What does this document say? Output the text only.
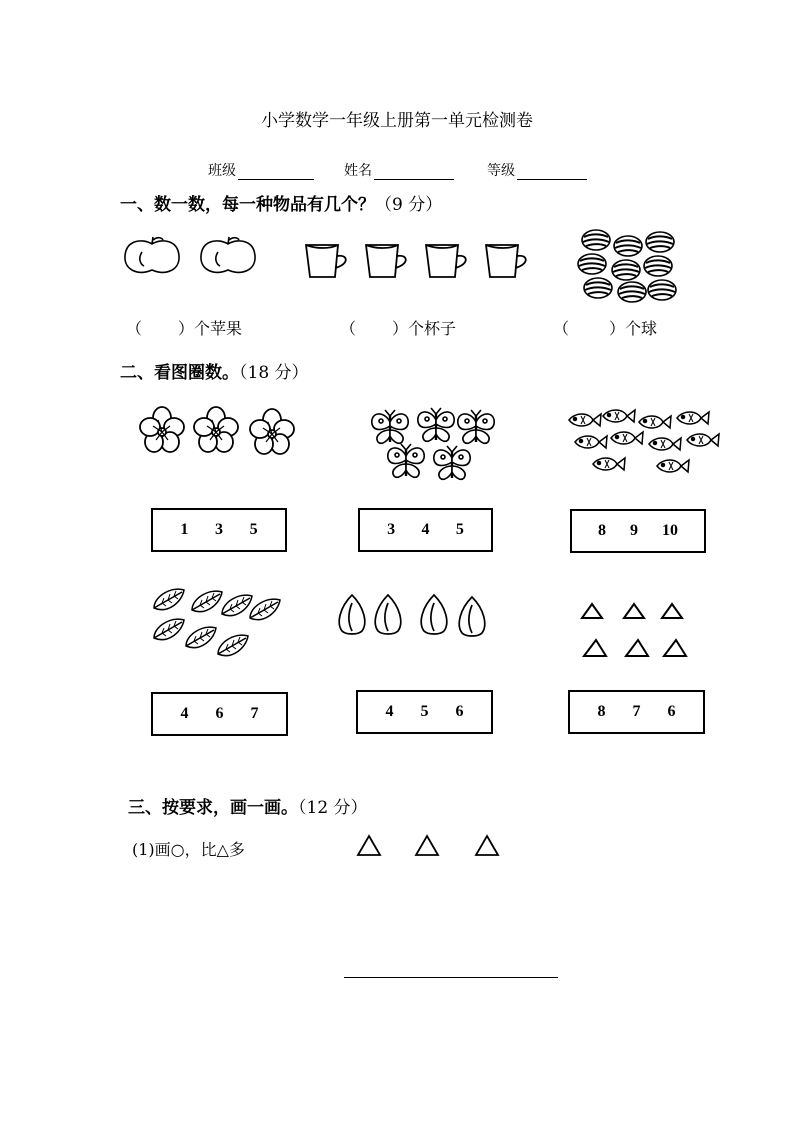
小学数学一年级上册第一单元检测卷
班级	姓名	等级
一、数一数，每一种物品有几个？（9 分）
（ ）个苹果	（ ）个杯子	（	）个球
二、看图圈数。（18 分）
1 3 5	3 4 5	8 9 10
4 6 7	4 5 6	8 7 6
三、按要求，画一画。（12 分）
(1)画○，比△多
